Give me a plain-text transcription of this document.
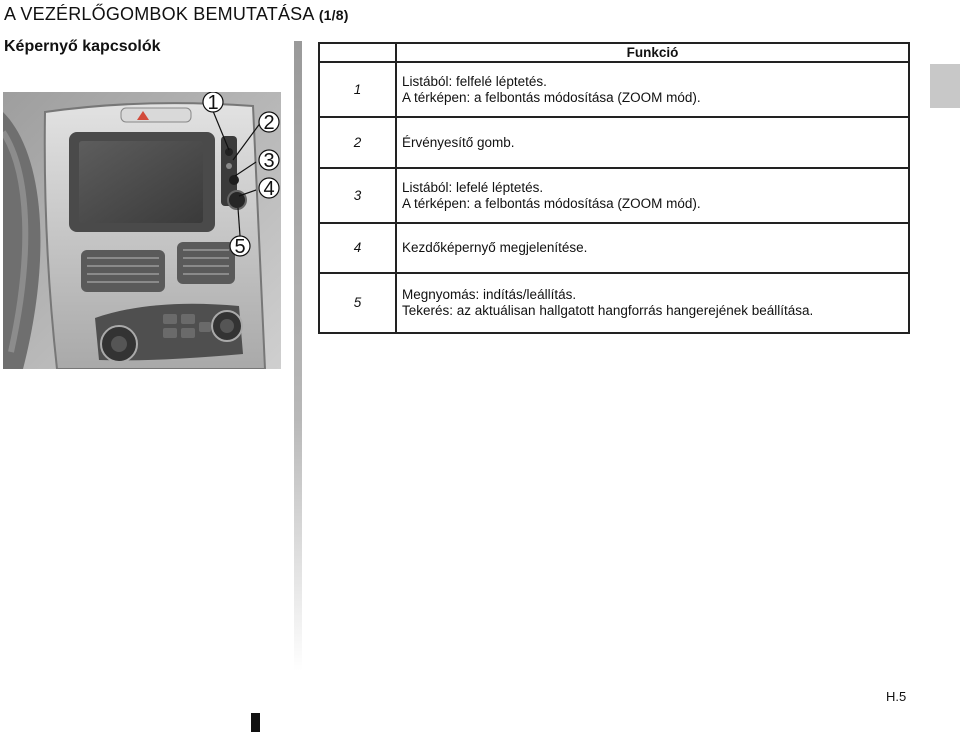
A VEZÉRLŐGOMBOK BEMUTATÁSA (1/8)
Képernyő kapcsolók
1
2
3
4
5
	Funkció
1	Listából: felfelé léptetés.
A térképen: a felbontás módosítása (ZOOM mód).

2	Érvényesítő gomb.

3	Listából: lefelé léptetés.
A térképen: a felbontás módosítása (ZOOM mód).

4	Kezdőképernyő megjelenítése.

5	Megnyomás: indítás/leállítás.
Tekerés: az aktuálisan hallgatott hangforrás hangerejének beállítása.
H.5
